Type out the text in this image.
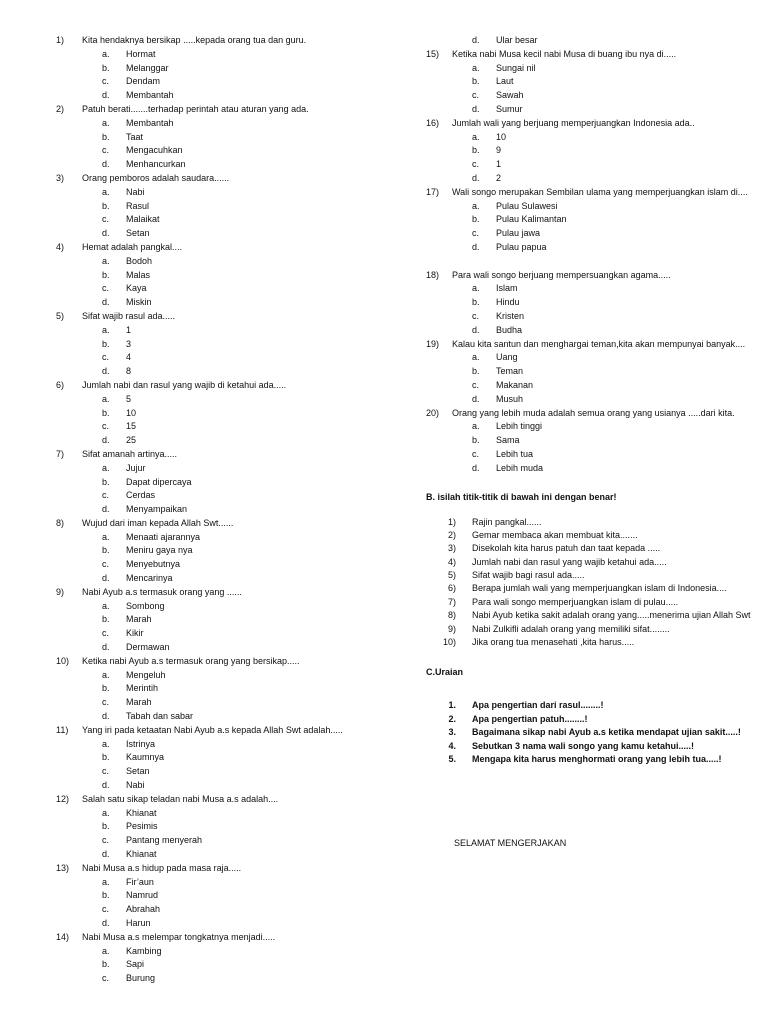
1)	Kita hendaknya bersikap .....kepada orang tua dan guru.
a.	Hormat
b.	Melanggar
c.	Dendam
d.	Membantah
2)	Patuh berati.......terhadap perintah atau aturan yang ada.
a.	Membantah
b.	Taat
c.	Mengacuhkan
d.	Menhancurkan
3)	Orang pemboros adalah saudara......
a.	Nabi
b.	Rasul
c.	Malaikat
d.	Setan
4)	Hemat adalah pangkal....
a.	Bodoh
b.	Malas
c.	Kaya
d.	Miskin
5)	Sifat wajib rasul ada.....
a.	1
b.	3
c.	4
d.	8
6)	Jumlah nabi dan rasul yang wajib di ketahui ada.....
a.	5
b.	10
c.	15
d.	25
7)	Sifat amanah artinya.....
a.	Jujur
b.	Dapat dipercaya
c.	Cerdas
d.	Menyampaikan
8)	Wujud dari iman kepada Allah Swt......
a.	Menaati ajarannya
b.	Meniru gaya nya
c.	Menyebutnya
d.	Mencarinya
9)	Nabi Ayub a.s termasuk orang yang ......
a.	Sombong
b.	Marah
c.	Kikir
d.	Dermawan
10)	Ketika nabi Ayub a.s termasuk orang yang bersikap.....
a.	Mengeluh
b.	Merintih
c.	Marah
d.	Tabah dan sabar
11)	Yang iri pada ketaatan Nabi Ayub a.s kepada Allah Swt adalah.....
a.	Istrinya
b.	Kaumnya
c.	Setan
d.	Nabi
12)	Salah satu sikap teladan nabi Musa a.s adalah....
a.	Khianat
b.	Pesimis
c.	Pantang menyerah
d.	Khianat
13)	Nabi Musa a.s hidup pada masa raja.....
a.	Fir’aun
b.	Namrud
c.	Abrahah
d.	Harun
14)	Nabi Musa a.s melempar tongkatnya menjadi.....
a.	Kambing
b.	Sapi
c.	Burung
d.	Ular besar
15)	Ketika nabi Musa kecil nabi Musa di buang ibu nya di.....
a.	Sungai nil
b.	Laut
c.	Sawah
d.	Sumur
16)	Jumlah wali yang berjuang memperjuangkan Indonesia ada..
a.	10
b.	9
c.	1
d.	2
17)	Wali songo merupakan Sembilan ulama yang memperjuangkan islam di....
a.	Pulau Sulawesi
b.	Pulau Kalimantan
c.	Pulau jawa
d.	Pulau papua
18)	Para wali songo berjuang mempersuangkan agama.....
a.	Islam
b.	Hindu
c.	Kristen
d.	Budha
19)	Kalau kita santun dan menghargai teman,kita akan mempunyai banyak....
a.	Uang
b.	Teman
c.	Makanan
d.	Musuh
20)	Orang yang lebih muda adalah semua orang yang usianya .....dari kita.
a.	Lebih tinggi
b.	Sama
c.	Lebih tua
d.	Lebih muda
B. isilah titik-titik di bawah ini dengan benar!
1)	Rajin pangkal......
2)	Gemar membaca akan membuat kita.......
3)	Disekolah kita harus patuh dan taat kepada .....
4)	Jumlah nabi dan rasul yang wajib ketahui ada.....
5)	Sifat wajib bagi rasul ada.....
6)	Berapa jumlah wali yang memperjuangkan islam di Indonesia....
7)	Para wali songo memperjuangkan islam di pulau.....
8)	Nabi Ayub ketika sakit adalah orang yang.....menerima ujian Allah Swt
9)	Nabi Zulkifli adalah orang yang memiliki sifat........
10)	Jika orang tua menasehati ,kita harus.....
C.Uraian
1.	Apa pengertian dari rasul........!
2.	Apa pengertian patuh........!
3.	Bagaimana sikap nabi Ayub a.s ketika mendapat ujian sakit.....!
4.	Sebutkan 3 nama wali songo yang kamu ketahui.....!
5.	Mengapa kita harus menghormati orang yang lebih tua.....!
SELAMAT MENGERJAKAN
